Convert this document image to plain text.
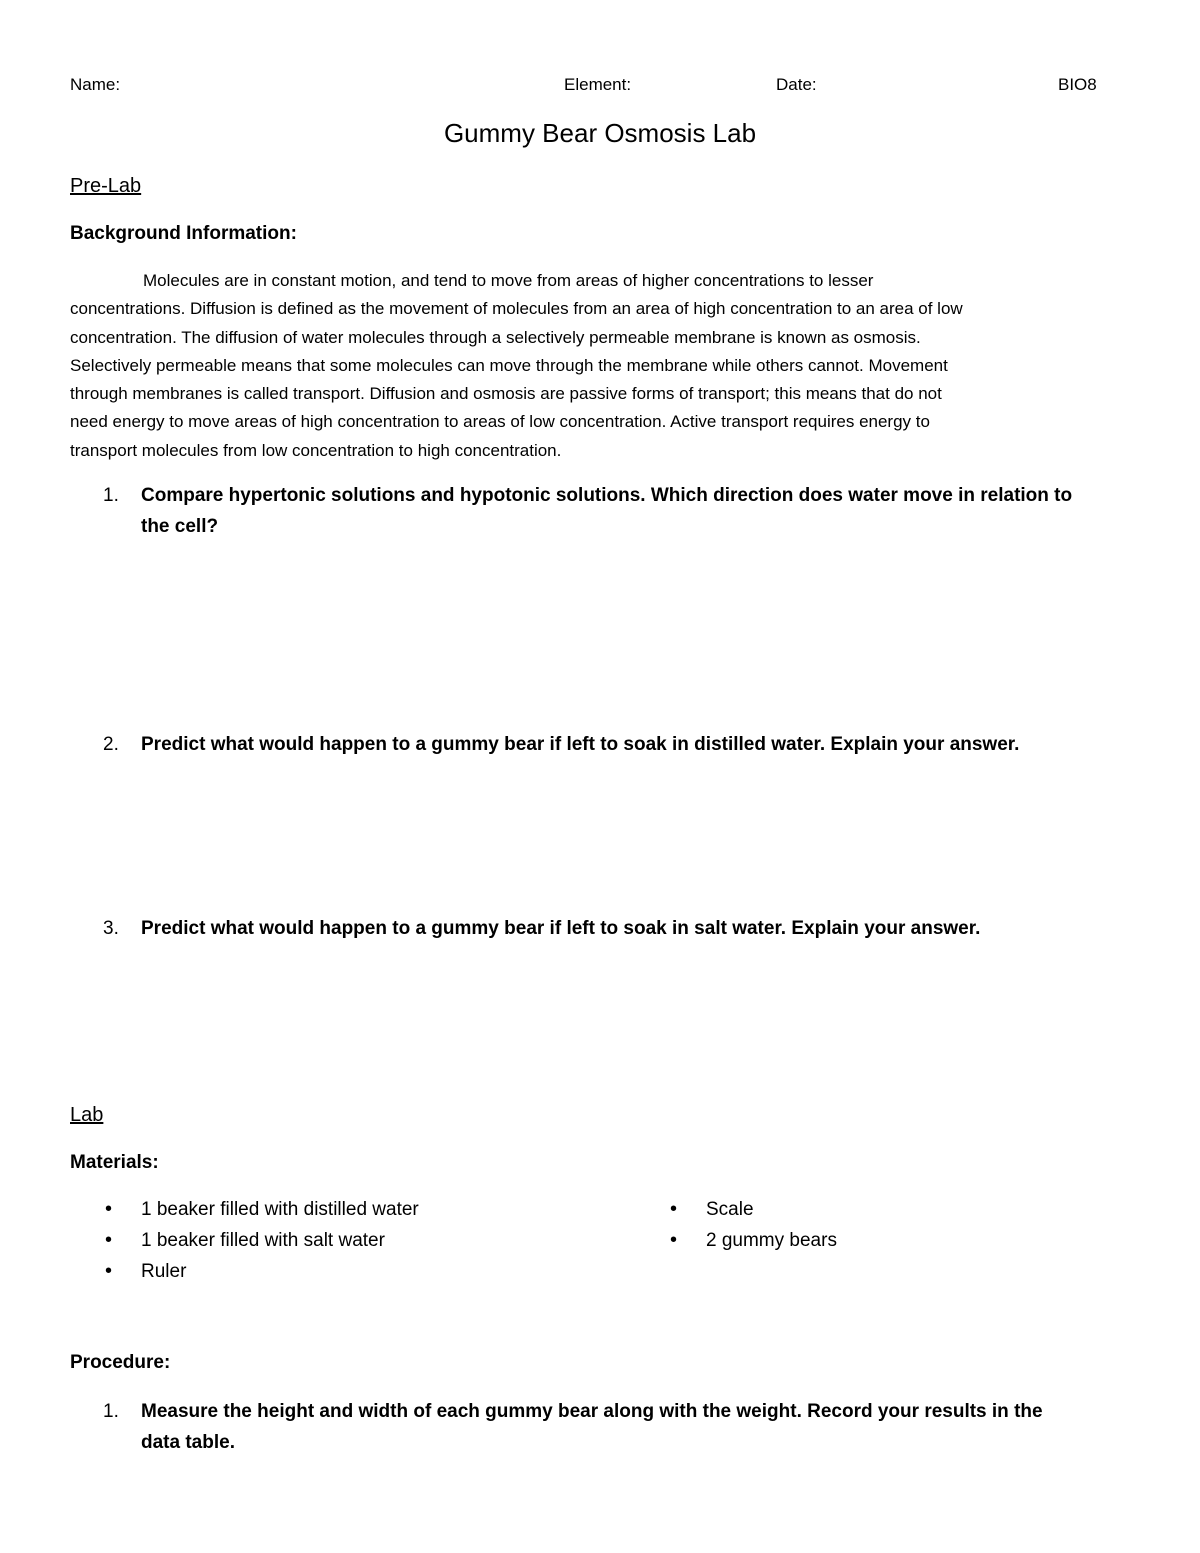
Name:	Element:	Date:	BIO8
Gummy Bear Osmosis Lab
Pre-Lab
Background Information:
Molecules are in constant motion, and tend to move from areas of higher concentrations to lesser
concentrations. Diffusion is defined as the movement of molecules from an area of high concentration to an area of low
concentration. The diffusion of water molecules through a selectively permeable membrane is known as osmosis.
Selectively permeable means that some molecules can move through the membrane while others cannot. Movement
through membranes is called transport. Diffusion and osmosis are passive forms of transport; this means that do not
need energy to move areas of high concentration to areas of low concentration. Active transport requires energy to
transport molecules from low concentration to high concentration.
1. Compare hypertonic solutions and hypotonic solutions. Which direction does water move in relation to
the cell?
2. Predict what would happen to a gummy bear if left to soak in distilled water. Explain your answer.
3. Predict what would happen to a gummy bear if left to soak in salt water. Explain your answer.
Lab
Materials:
• 1 beaker filled with distilled water
• 1 beaker filled with salt water
• Ruler
• Scale
• 2 gummy bears
Procedure:
1. Measure the height and width of each gummy bear along with the weight. Record your results in the
data table.
